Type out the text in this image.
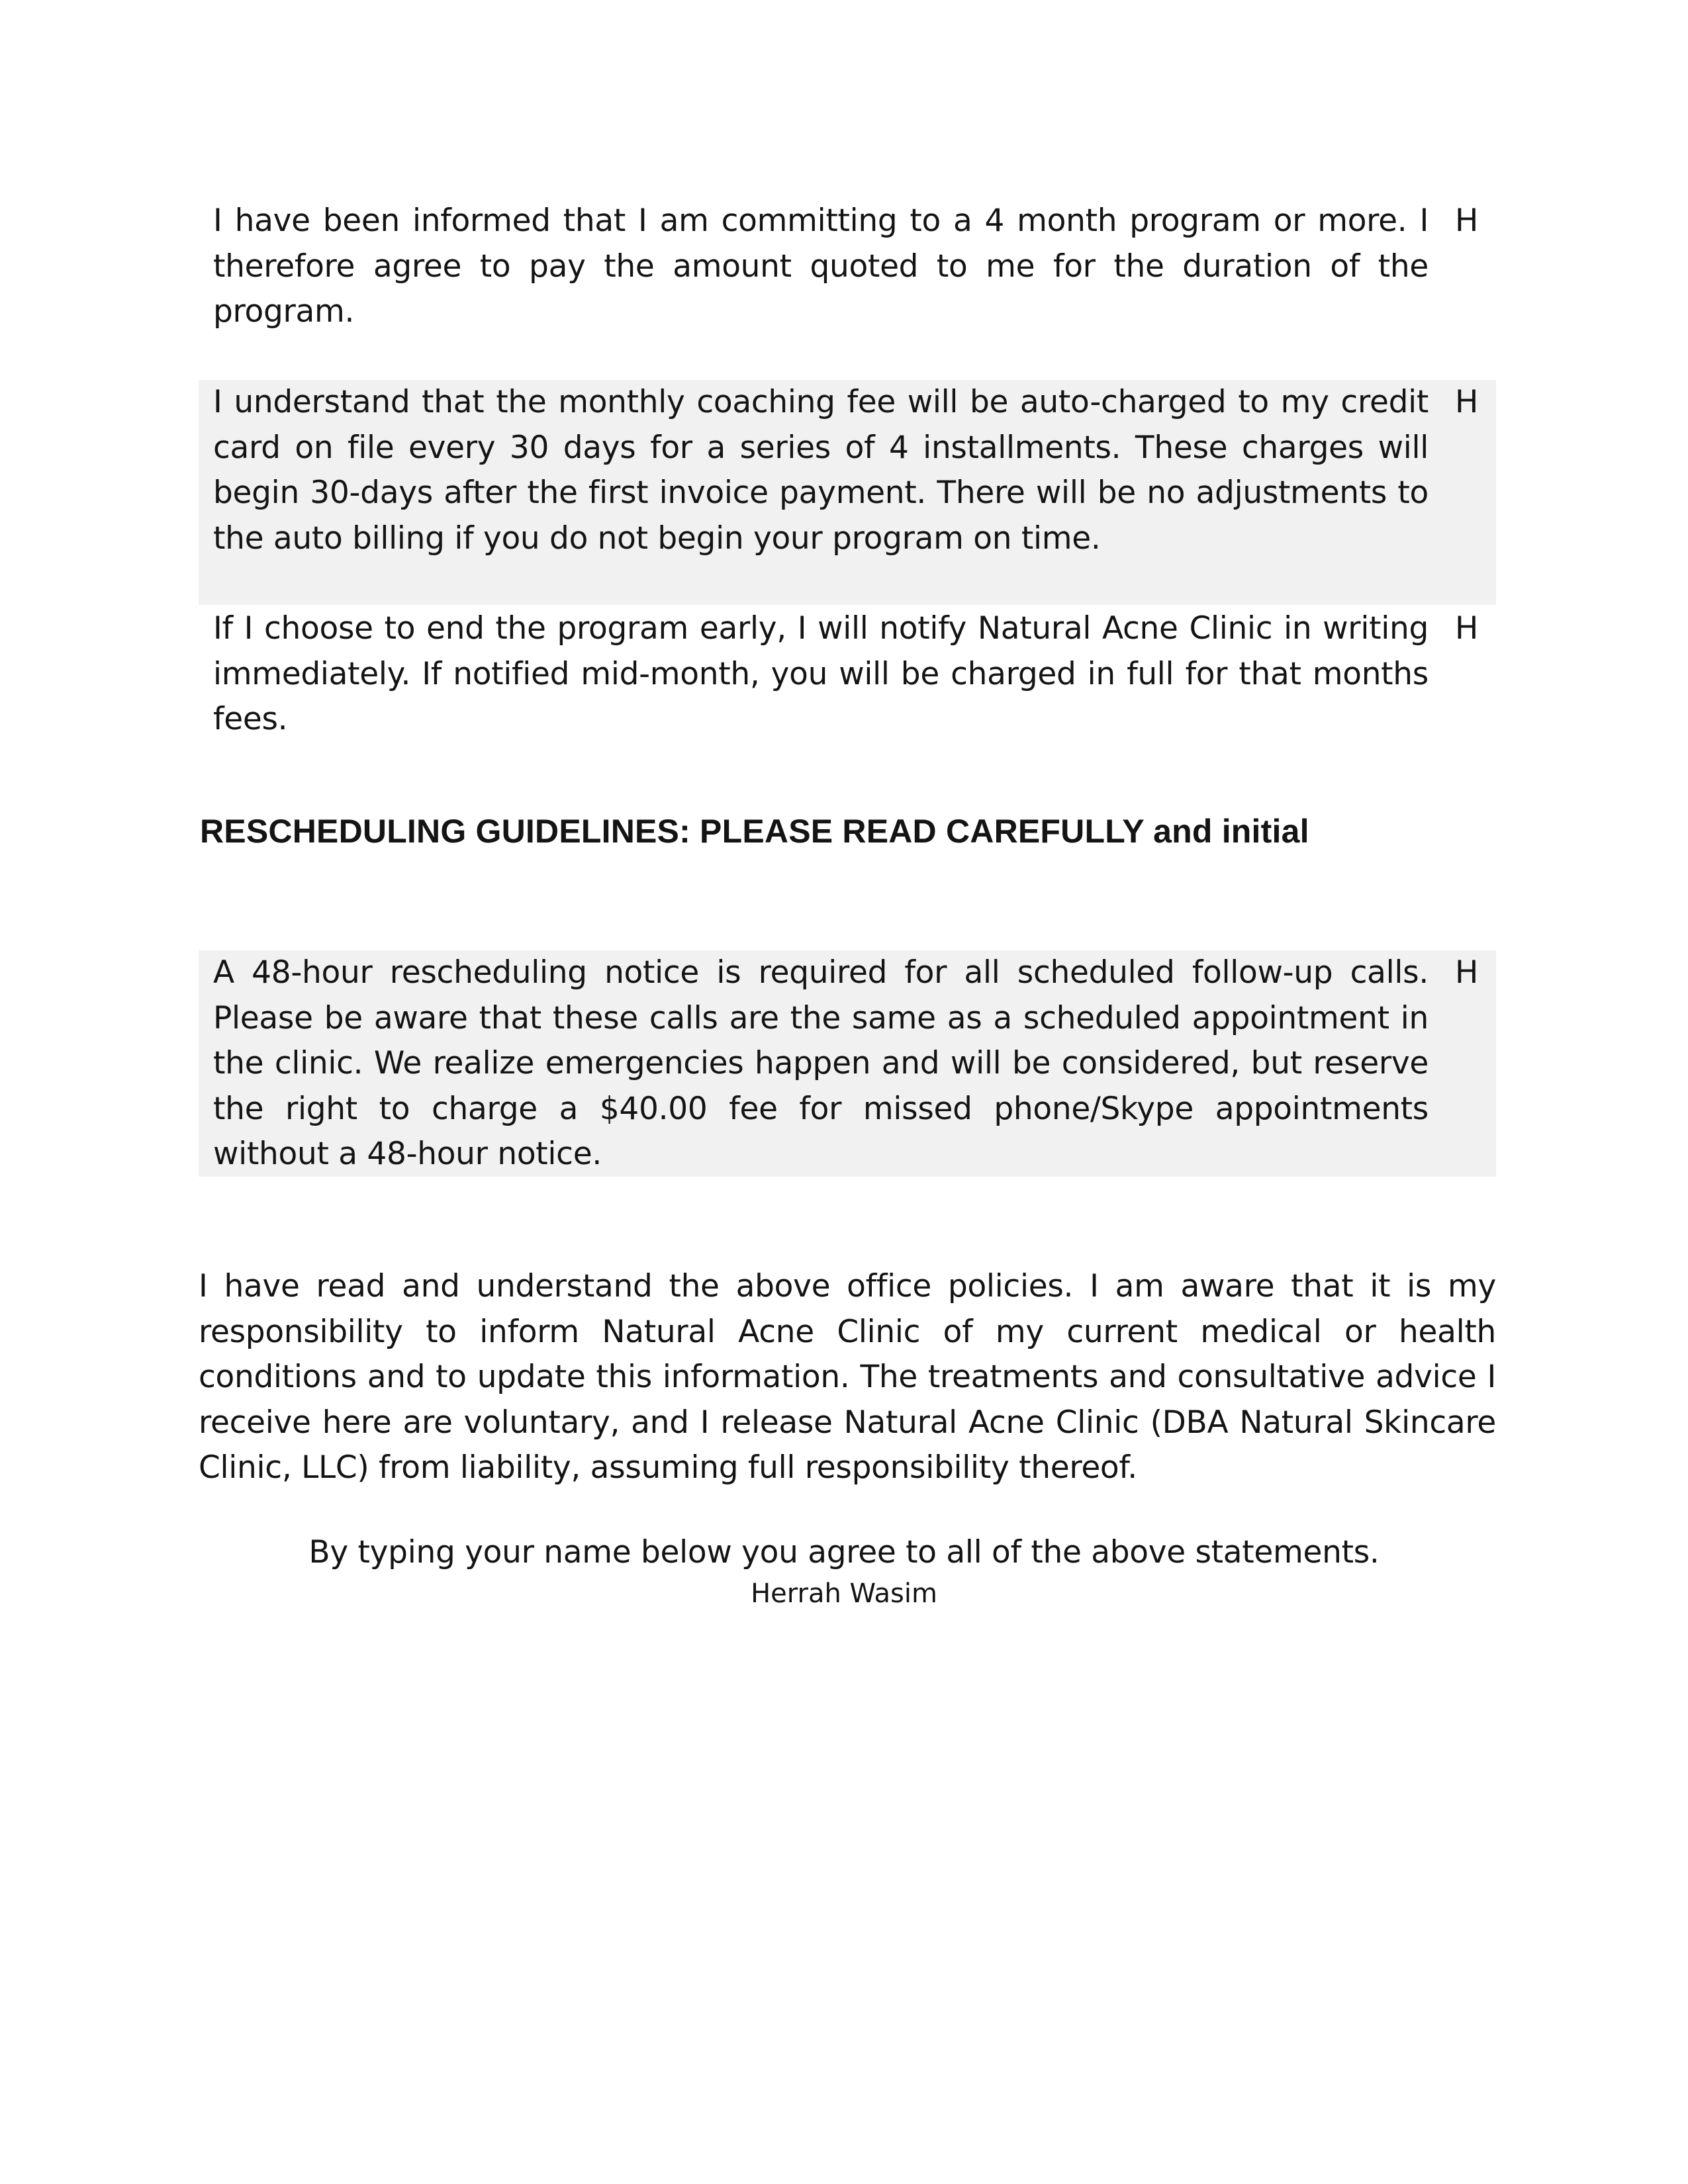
I have been informed that I am committing to a 4 month program or more. I therefore agree to pay the amount quoted to me for the duration of the program.
H
I understand that the monthly coaching fee will be auto-charged to my credit card on file every 30 days for a series of 4 installments. These charges will begin 30-days after the first invoice payment. There will be no adjustments to the auto billing if you do not begin your program on time.
H
If I choose to end the program early, I will notify Natural Acne Clinic in writing immediately. If notified mid-month, you will be charged in full for that months fees.
H
RESCHEDULING GUIDELINES: PLEASE READ CAREFULLY and initial
A 48-hour rescheduling notice is required for all scheduled follow-up calls. Please be aware that these calls are the same as a scheduled appointment in the clinic. We realize emergencies happen and will be considered, but reserve the right to charge a $40.00 fee for missed phone/Skype appointments without a 48-hour notice.
H
I have read and understand the above office policies. I am aware that it is my responsibility to inform Natural Acne Clinic of my current medical or health conditions and to update this information. The treatments and consultative advice I receive here are voluntary, and I release Natural Acne Clinic (DBA Natural Skincare Clinic, LLC) from liability, assuming full responsibility thereof.
By typing your name below you agree to all of the above statements.
Herrah Wasim
